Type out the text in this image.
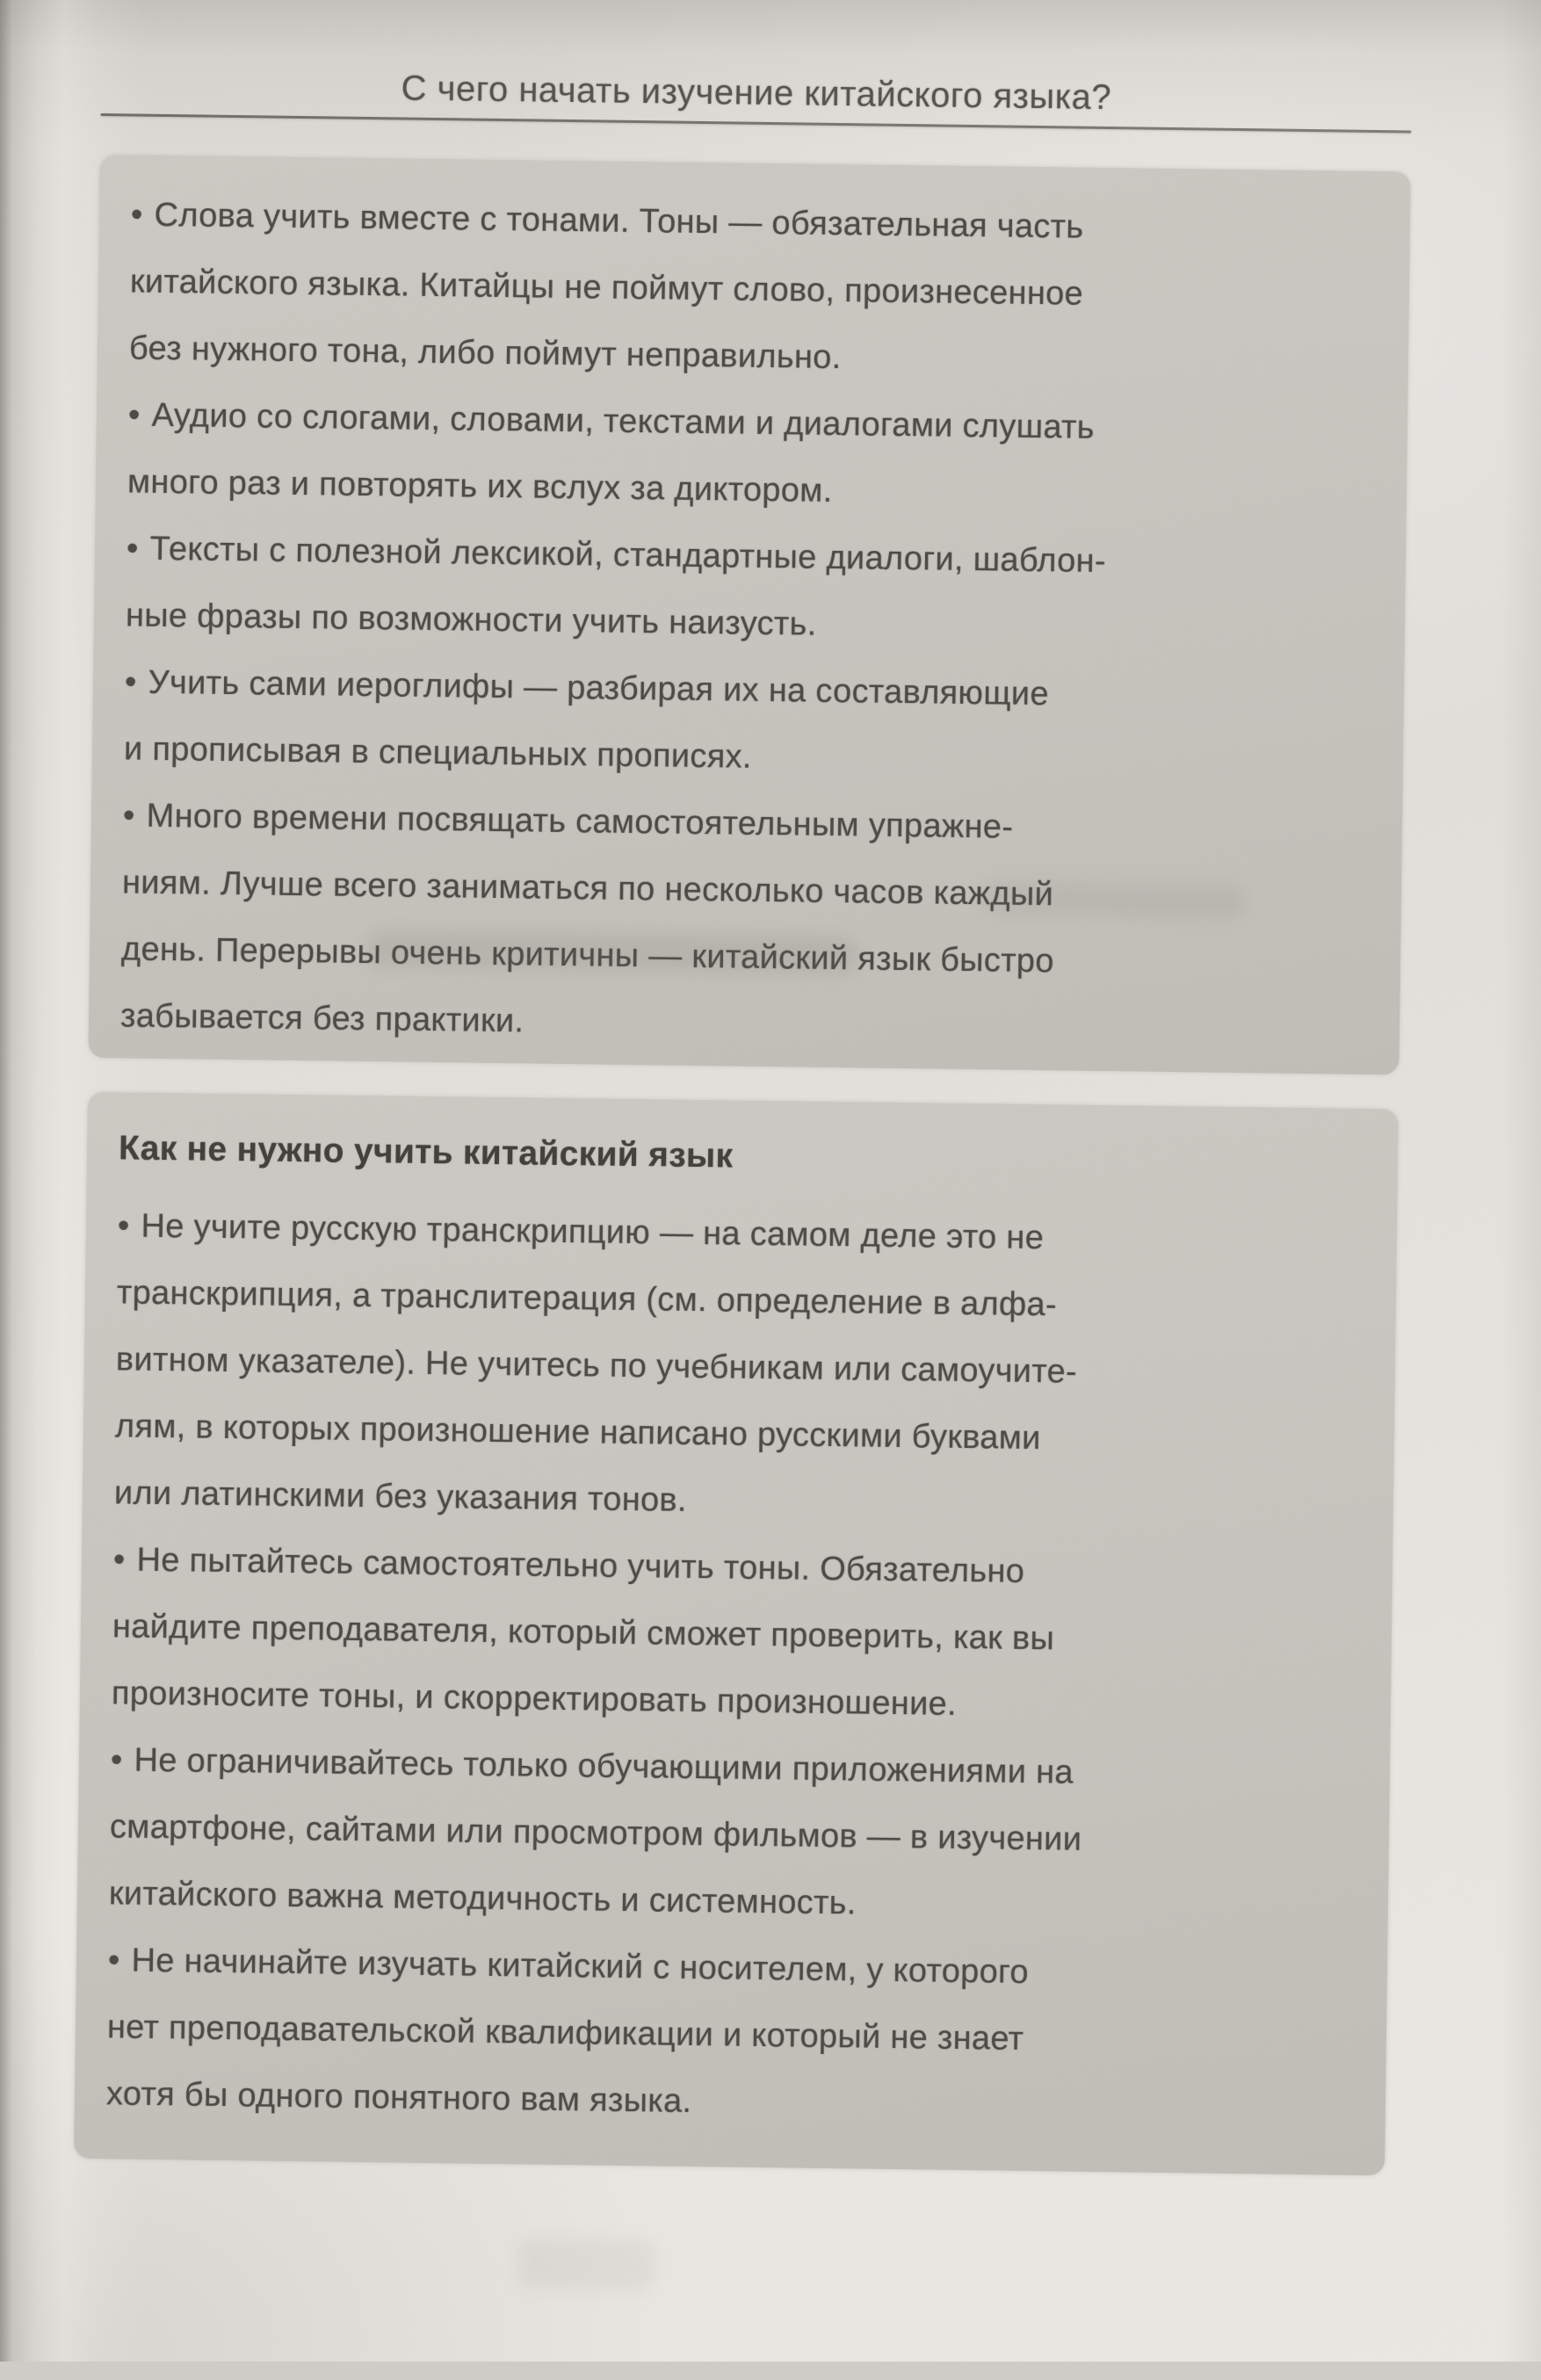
С чего начать изучение китайского языка?

• Слова учить вместе с тонами. Тоны — обязательная часть
китайского языка. Китайцы не поймут слово, произнесенное
без нужного тона, либо поймут неправильно.

• Аудио со слогами, словами, текстами и диалогами слушать
много раз и повторять их вслух за диктором.

• Тексты с полезной лексикой, стандартные диалоги, шаблон-
ные фразы по возможности учить наизусть.

• Учить сами иероглифы — разбирая их на составляющие
и прописывая в специальных прописях.

• Много времени посвящать самостоятельным упражне-
ниям. Лучше всего заниматься по несколько часов каждый
день. Перерывы очень критичны — китайский язык быстро
забывается без практики.

Как не нужно учить китайский язык

• Не учите русскую транскрипцию — на самом деле это не
транскрипция, а транслитерация (см. определение в алфа-
витном указателе). Не учитесь по учебникам или самоучите-
лям, в которых произношение написано русскими буквами
или латинскими без указания тонов.

• Не пытайтесь самостоятельно учить тоны. Обязательно
найдите преподавателя, который сможет проверить, как вы
произносите тоны, и скорректировать произношение.

• Не ограничивайтесь только обучающими приложениями на
смартфоне, сайтами или просмотром фильмов — в изучении
китайского важна методичность и системность.

• Не начинайте изучать китайский с носителем, у которого
нет преподавательской квалификации и который не знает
хотя бы одного понятного вам языка.
